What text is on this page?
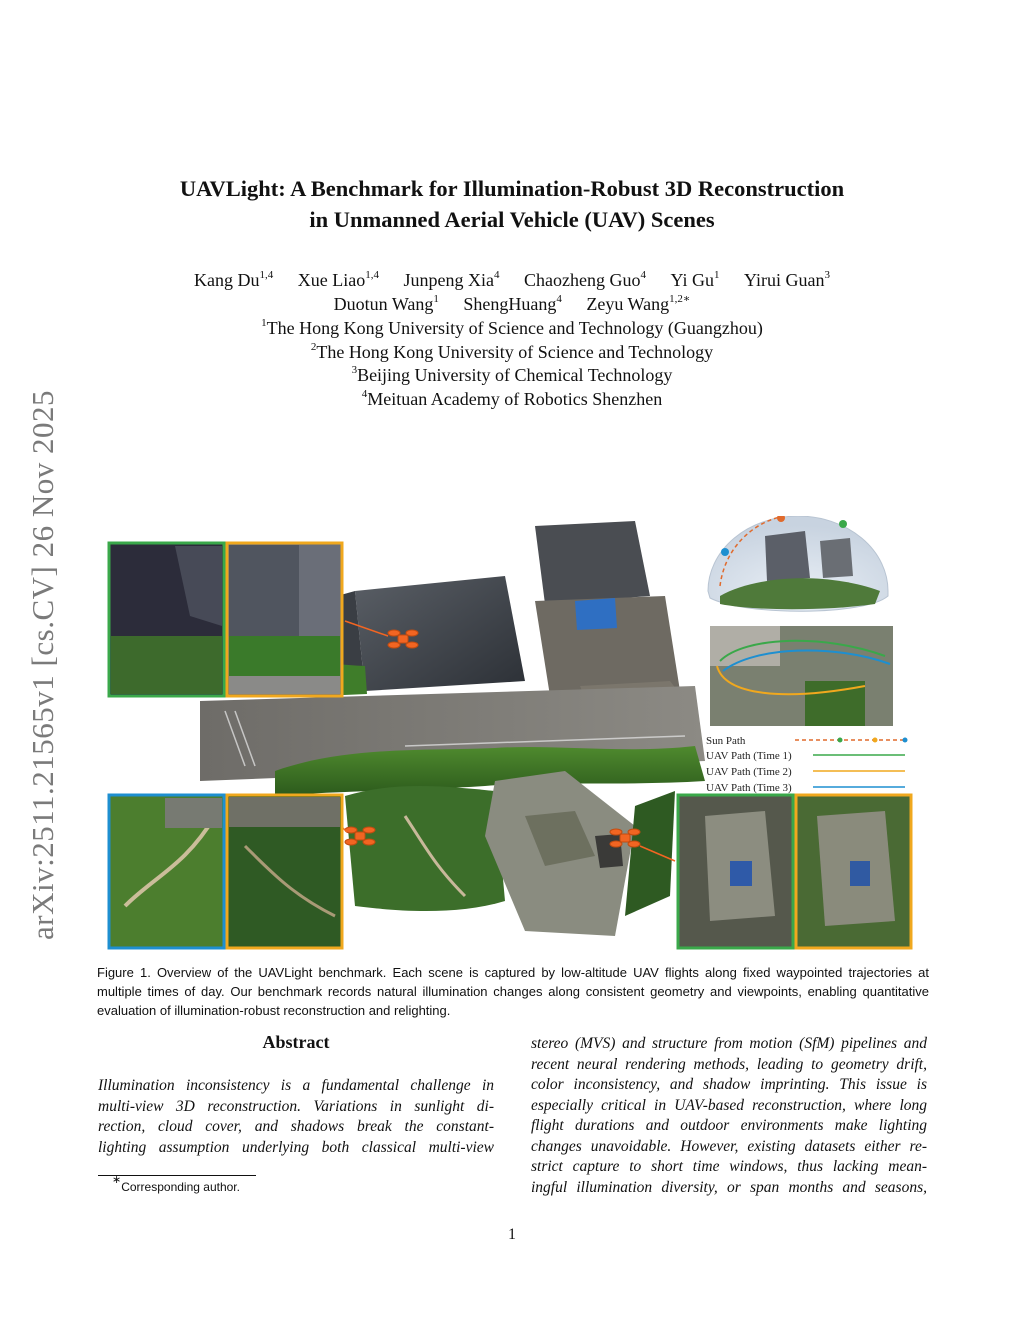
arXiv:2511.21565v1 [cs.CV] 26 Nov 2025
UAVLight: A Benchmark for Illumination-Robust 3D Reconstruction
in Unmanned Aerial Vehicle (UAV) Scenes
Kang Du$^{1,4}$ Xue Liao$^{1,4}$ Junpeng Xia$^4$ Chaozheng Guo$^4$ Yi Gu$^1$ Yirui Guan$^3$
Duotun Wang$^1$ ShengHuang$^4$ Zeyu Wang$^{1,2∗}$
$^1$The Hong Kong University of Science and Technology (Guangzhou)
$^2$The Hong Kong University of Science and Technology
$^3$Beijing University of Chemical Technology
$^4$Meituan Academy of Robotics Shenzhen
Sun Path
UAV Path (Time 1)
UAV Path (Time 2)
UAV Path (Time 3)
Figure 1. Overview of the UAVLight benchmark. Each scene is captured by low-altitude UAV flights along fixed waypointed trajectories at multiple times of day. Our benchmark records natural illumination changes along consistent geometry and viewpoints, enabling quantitative evaluation of illumination-robust reconstruction and relighting.
Abstract
Illumination inconsistency is a fundamental challenge in
multi-view 3D reconstruction. Variations in sunlight di-
rection, cloud cover, and shadows break the constant-
lighting assumption underlying both classical multi-view
stereo (MVS) and structure from motion (SfM) pipelines and
recent neural rendering methods, leading to geometry drift,
color inconsistency, and shadow imprinting. This issue is
especially critical in UAV-based reconstruction, where long
flight durations and outdoor environments make lighting
changes unavoidable. However, existing datasets either re-
strict capture to short time windows, thus lacking mean-
ingful illumination diversity, or span months and seasons,
∗Corresponding author.
1
